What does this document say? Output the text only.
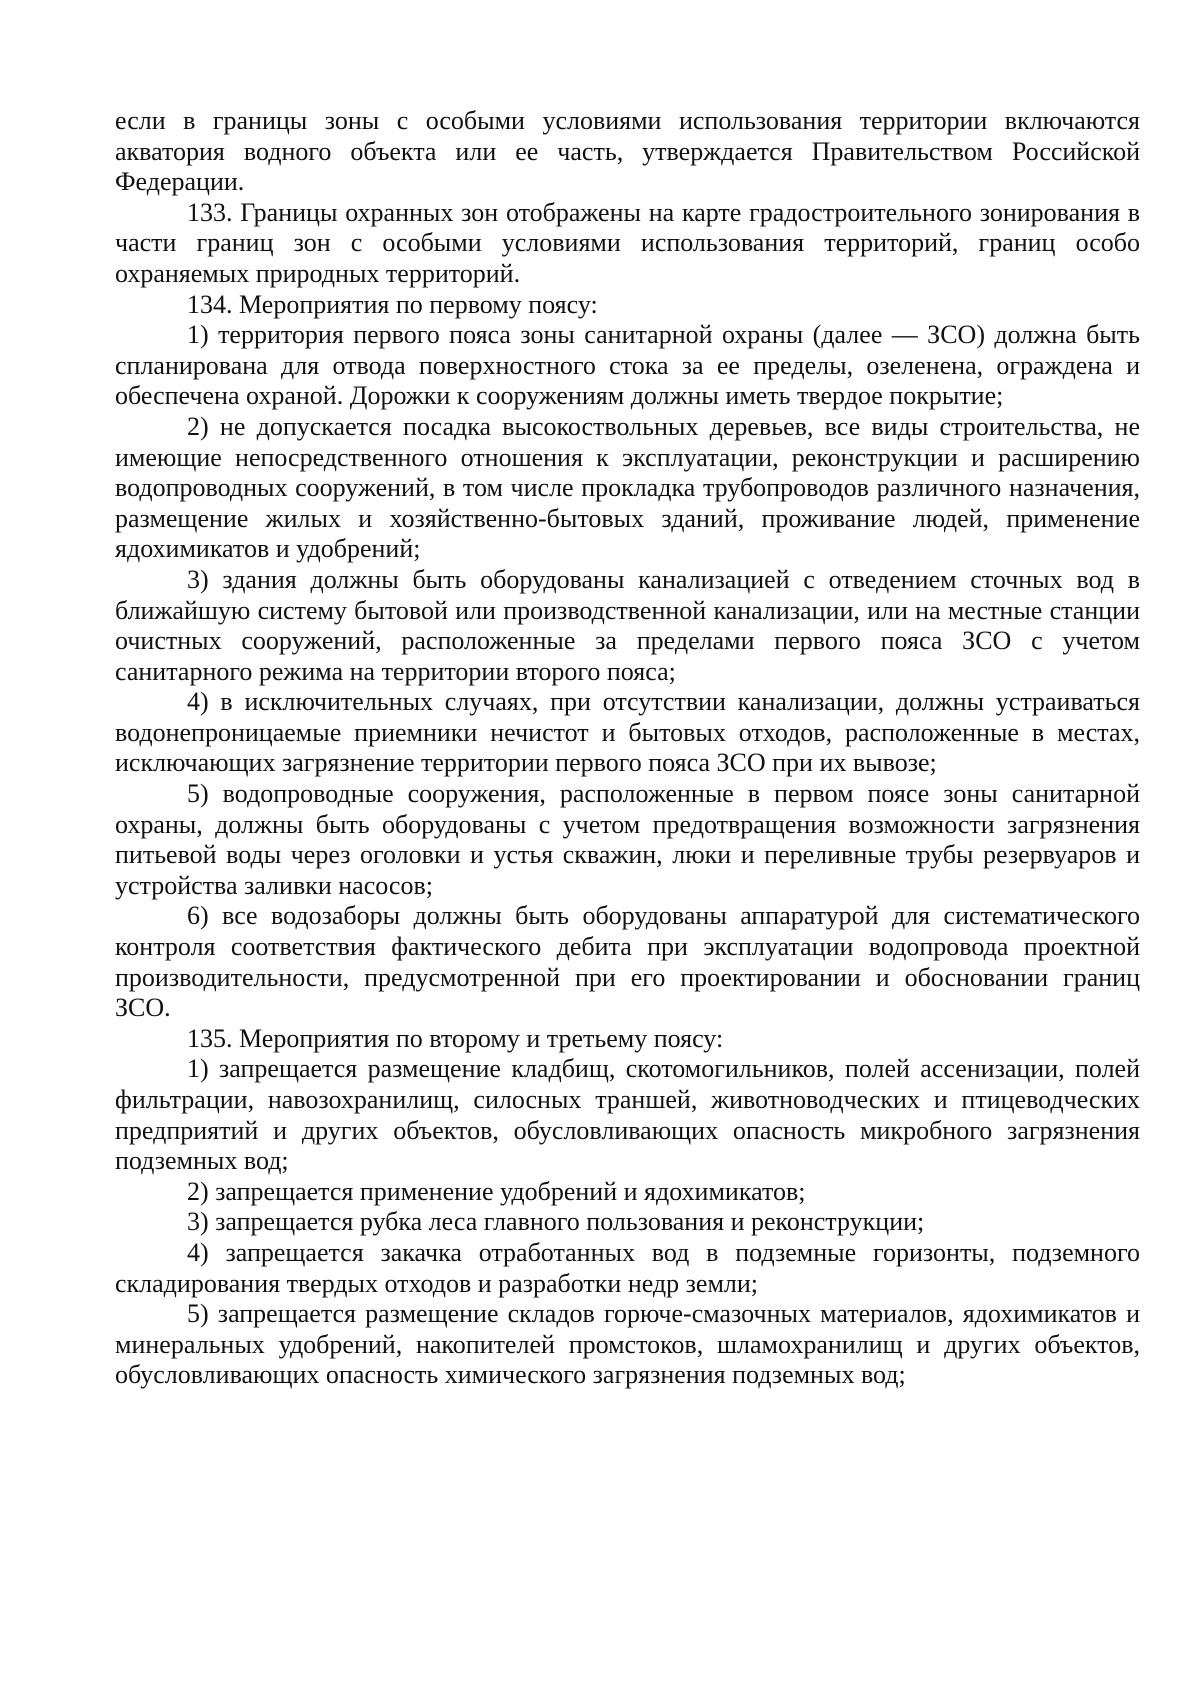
если в границы зоны с особыми условиями использования территории включаются акватория водного объекта или ее часть, утверждается Правительством Российской Федерации.

133. Границы охранных зон отображены на карте градостроительного зонирования в части границ зон с особыми условиями использования территорий, границ особо охраняемых природных территорий.

134. Мероприятия по первому поясу:

1) территория первого пояса зоны санитарной охраны (далее — ЗСО) должна быть спланирована для отвода поверхностного стока за ее пределы, озеленена, ограждена и обеспечена охраной. Дорожки к сооружениям должны иметь твердое покрытие;

2) не допускается посадка высокоствольных деревьев, все виды строительства, не имеющие непосредственного отношения к эксплуатации, реконструкции и расширению водопроводных сооружений, в том числе прокладка трубопроводов различного назначения, размещение жилых и хозяйственно-бытовых зданий, проживание людей, применение ядохимикатов и удобрений;

3) здания должны быть оборудованы канализацией с отведением сточных вод в ближайшую систему бытовой или производственной канализации, или на местные станции очистных сооружений, расположенные за пределами первого пояса ЗСО с учетом санитарного режима на территории второго пояса;

4) в исключительных случаях, при отсутствии канализации, должны устраиваться водонепроницаемые приемники нечистот и бытовых отходов, расположенные в местах, исключающих загрязнение территории первого пояса ЗСО при их вывозе;

5) водопроводные сооружения, расположенные в первом поясе зоны санитарной охраны, должны быть оборудованы с учетом предотвращения возможности загрязнения питьевой воды через оголовки и устья скважин, люки и переливные трубы резервуаров и устройства заливки насосов;

6) все водозаборы должны быть оборудованы аппаратурой для систематического контроля соответствия фактического дебита при эксплуатации водопровода проектной производительности, предусмотренной при его проектировании и обосновании границ ЗСО.

135. Мероприятия по второму и третьему поясу:

1) запрещается размещение кладбищ, скотомогильников, полей ассенизации, полей фильтрации, навозохранилищ, силосных траншей, животноводческих и птицеводческих предприятий и других объектов, обусловливающих опасность микробного загрязнения подземных вод;

2) запрещается применение удобрений и ядохимикатов;

3) запрещается рубка леса главного пользования и реконструкции;

4) запрещается закачка отработанных вод в подземные горизонты, подземного складирования твердых отходов и разработки недр земли;

5) запрещается размещение складов горюче-смазочных материалов, ядохимикатов и минеральных удобрений, накопителей промстоков, шламохранилищ и других объектов, обусловливающих опасность химического загрязнения подземных вод;
